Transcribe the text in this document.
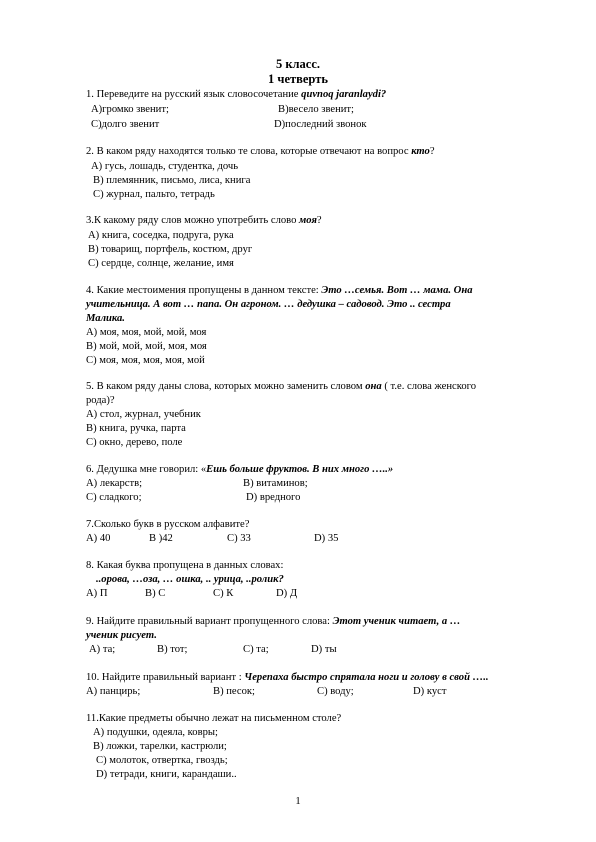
5 класс.
1 четверть
1. Переведите на русский язык словосочетание quvnoq jaranlaydi?
A)громко звенит;	B)весело звенит;
C)долго звенит	D)последний звонок
2. В каком ряду находятся только те слова, которые отвечают на вопрос кто?
A) гусь, лошадь, студентка, дочь
B) племянник, письмо, лиса, книга
C) журнал, пальто, тетрадь
3.К какому ряду слов можно употребить слово моя?
A) книга, соседка, подруга, рука
B) товарищ, портфель, костюм, друг
C) сердце, солнце, желание, имя
4. Какие местоимения пропущены в данном тексте: Это …семья. Вот … мама. Она
учительница. А вот … папа. Он агроном. … дедушка – садовод. Это .. сестра
Малика.
A) моя, моя, мой, мой, моя
B) мой, мой, мой, моя, моя
C) моя, моя, моя, моя, мой
5. В каком ряду даны слова, которых можно заменить словом она ( т.е. слова женского
рода)?
A) стол, журнал, учебник
B) книга, ручка, парта
C) окно, дерево, поле
6. Дедушка мне говорил: «Ешь больше фруктов. В них много …..»
A) лекарств;	B) витаминов;
C) сладкого;	D) вредного
7.Сколько букв в русском алфавите?
A) 40	B )42	C) 33	D) 35
8. Какая буква пропущена в данных словах:
..орова, …оза, … ошка, .. урица, ..ролик?
A) П	B) С	C) К	D) Д
9. Найдите правильный вариант пропущенного слова: Этот ученик читает, а …
ученик рисует.
A) та;	B) тот;	C) та;	D) ты
10. Найдите правильный вариант : Черепаха быстро спрятала ноги и голову в свой …..
A) панцирь;	B) песок;	C) воду;	D) куст
11.Какие предметы обычно лежат на письменном столе?
A) подушки, одеяла, ковры;
B) ложки, тарелки, кастрюли;
C) молоток, отвертка, гвоздь;
D) тетради, книги, карандаши..
1
